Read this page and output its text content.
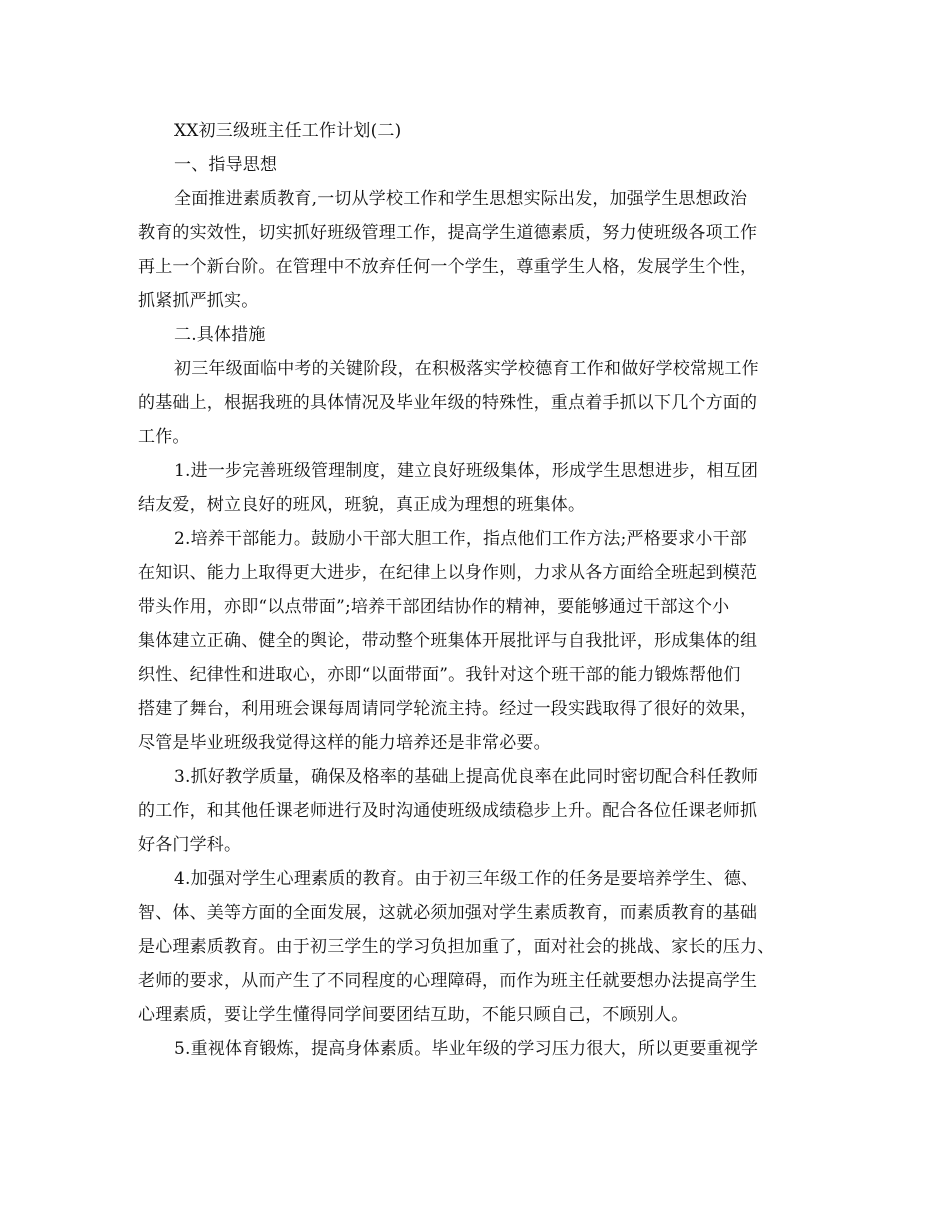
XX初三级班主任工作计划(二)
一、指导思想
全面推进素质教育,一切从学校工作和学生思想实际出发，加强学生思想政治
教育的实效性，切实抓好班级管理工作，提高学生道德素质，努力使班级各项工作
再上一个新台阶。在管理中不放弃任何一个学生，尊重学生人格，发展学生个性，
抓紧抓严抓实。
二.具体措施
初三年级面临中考的关键阶段，在积极落实学校德育工作和做好学校常规工作
的基础上，根据我班的具体情况及毕业年级的特殊性，重点着手抓以下几个方面的
工作。
1.进一步完善班级管理制度，建立良好班级集体，形成学生思想进步，相互团
结友爱，树立良好的班风，班貌，真正成为理想的班集体。
2.培养干部能力。鼓励小干部大胆工作，指点他们工作方法;严格要求小干部
在知识、能力上取得更大进步，在纪律上以身作则，力求从各方面给全班起到模范
带头作用，亦即“以点带面”;培养干部团结协作的精神，要能够通过干部这个小
集体建立正确、健全的舆论，带动整个班集体开展批评与自我批评，形成集体的组
织性、纪律性和进取心，亦即“以面带面”。我针对这个班干部的能力锻炼帮他们
搭建了舞台，利用班会课每周请同学轮流主持。经过一段实践取得了很好的效果，
尽管是毕业班级我觉得这样的能力培养还是非常必要。
3.抓好教学质量，确保及格率的基础上提高优良率在此同时密切配合科任教师
的工作，和其他任课老师进行及时沟通使班级成绩稳步上升。配合各位任课老师抓
好各门学科。
4.加强对学生心理素质的教育。由于初三年级工作的任务是要培养学生、德、
智、体、美等方面的全面发展，这就必须加强对学生素质教育，而素质教育的基础
是心理素质教育。由于初三学生的学习负担加重了，面对社会的挑战、家长的压力、
老师的要求，从而产生了不同程度的心理障碍，而作为班主任就要想办法提高学生
心理素质，要让学生懂得同学间要团结互助，不能只顾自己，不顾别人。
5.重视体育锻炼，提高身体素质。毕业年级的学习压力很大，所以更要重视学
